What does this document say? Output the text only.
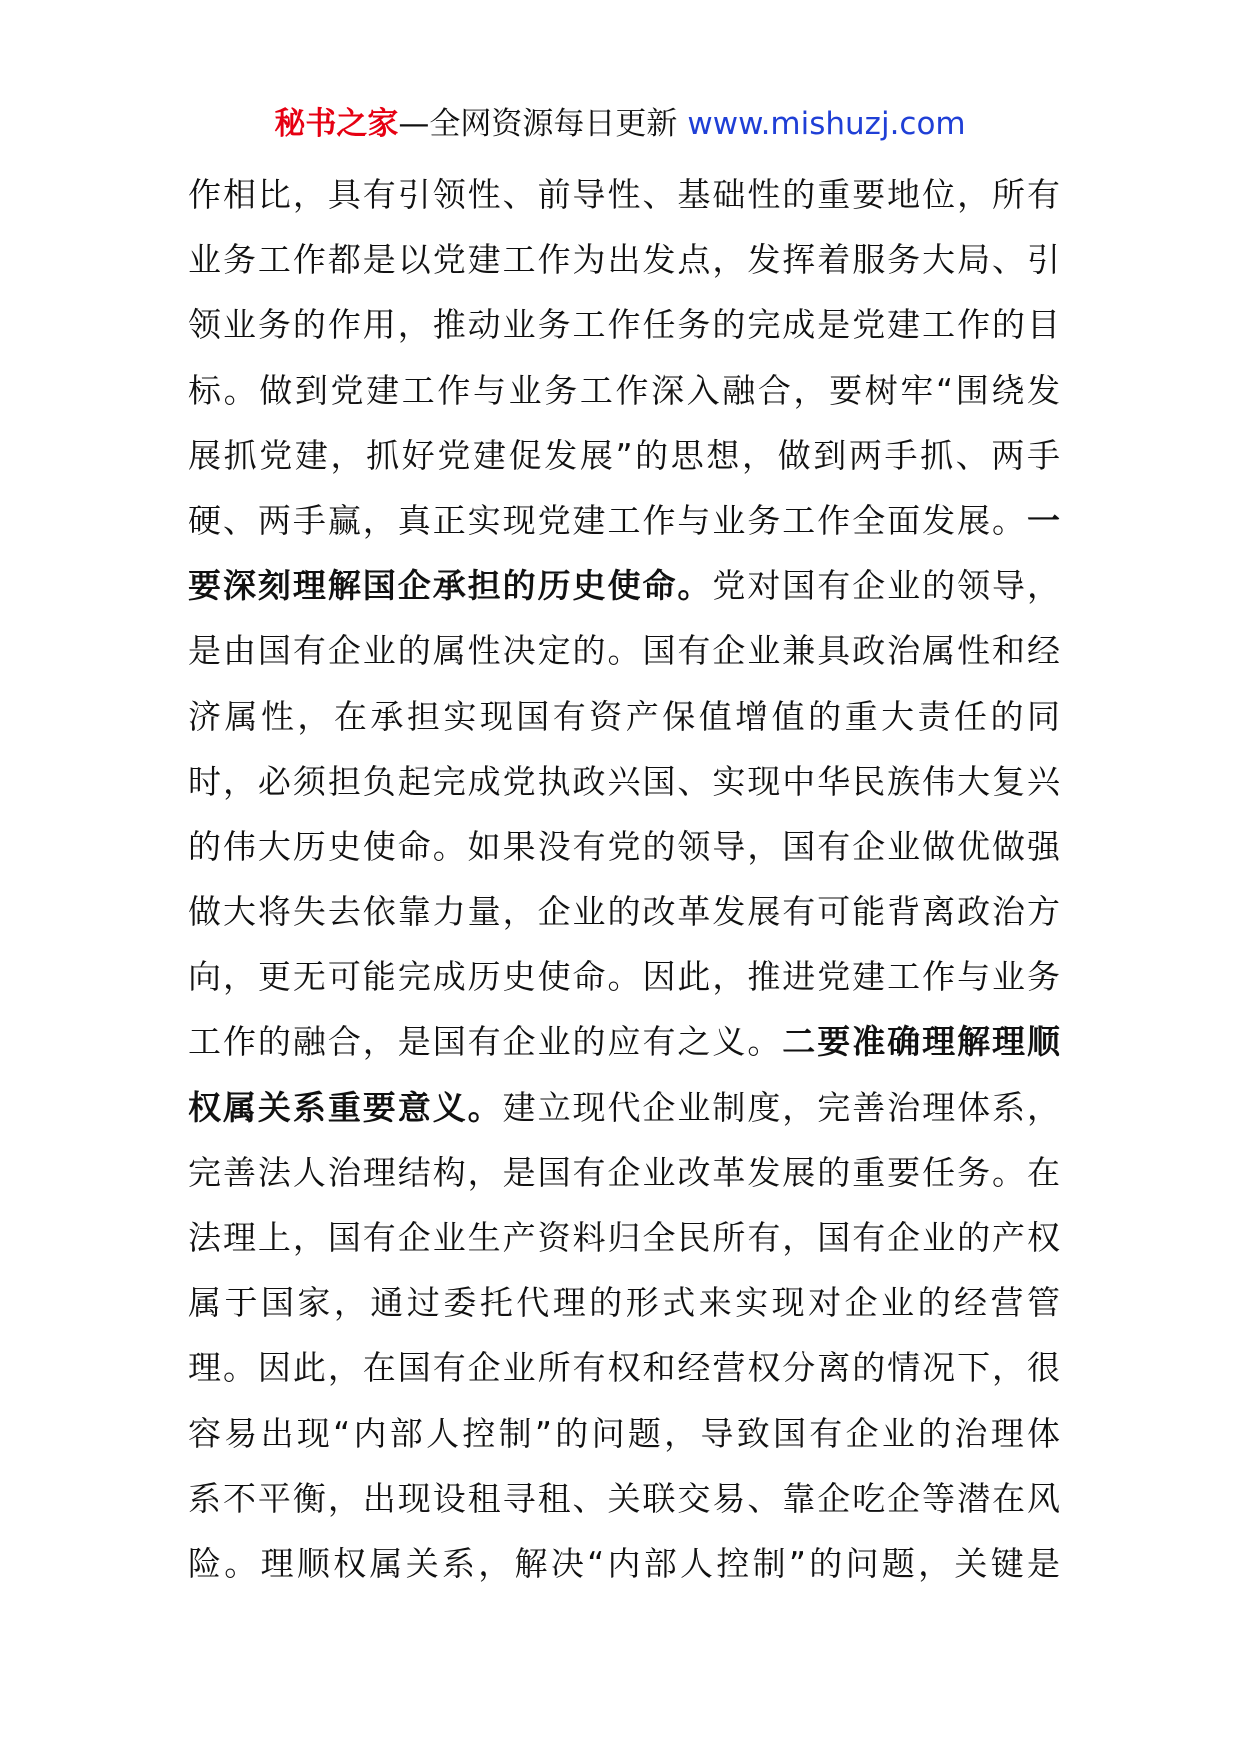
秘书之家—全网资源每日更新 www.mishuzj.com
作相比，具有引领性、前导性、基础性的重要地位，所有
业务工作都是以党建工作为出发点，发挥着服务大局、引
领业务的作用，推动业务工作任务的完成是党建工作的目
标。做到党建工作与业务工作深入融合，要树牢“围绕发
展抓党建，抓好党建促发展”的思想，做到两手抓、两手
硬、两手赢，真正实现党建工作与业务工作全面发展。一
要深刻理解国企承担的历史使命。党对国有企业的领导，
是由国有企业的属性决定的。国有企业兼具政治属性和经
济属性，在承担实现国有资产保值增值的重大责任的同
时，必须担负起完成党执政兴国、实现中华民族伟大复兴
的伟大历史使命。如果没有党的领导，国有企业做优做强
做大将失去依靠力量，企业的改革发展有可能背离政治方
向，更无可能完成历史使命。因此，推进党建工作与业务
工作的融合，是国有企业的应有之义。二要准确理解理顺
权属关系重要意义。建立现代企业制度，完善治理体系，
完善法人治理结构，是国有企业改革发展的重要任务。在
法理上，国有企业生产资料归全民所有，国有企业的产权
属于国家，通过委托代理的形式来实现对企业的经营管
理。因此，在国有企业所有权和经营权分离的情况下，很
容易出现“内部人控制”的问题，导致国有企业的治理体
系不平衡，出现设租寻租、关联交易、靠企吃企等潜在风
险。理顺权属关系，解决“内部人控制”的问题，关键是
